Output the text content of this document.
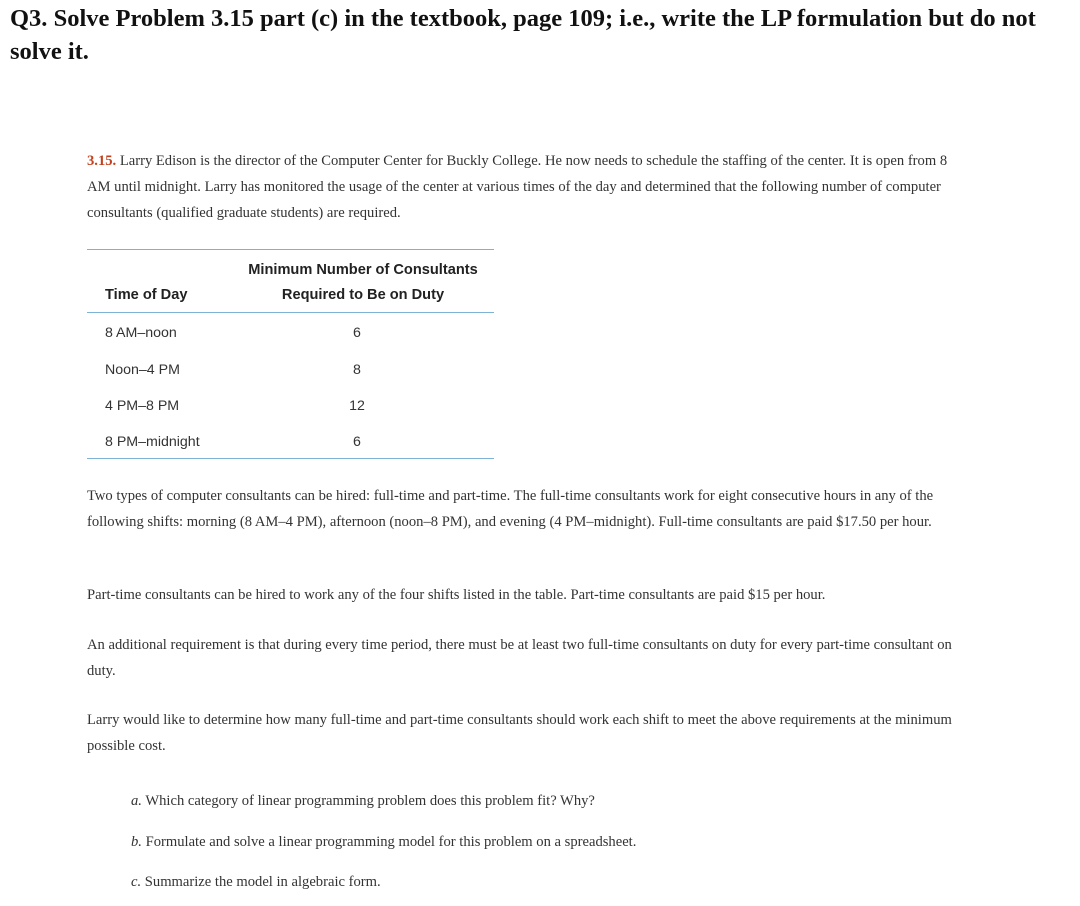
Q3. Solve Problem 3.15 part (c) in the textbook, page 109; i.e., write the LP formulation but do not solve it.
3.15. Larry Edison is the director of the Computer Center for Buckly College. He now needs to schedule the staffing of the center. It is open from 8 AM until midnight. Larry has monitored the usage of the center at various times of the day and determined that the following number of computer consultants (qualified graduate students) are required.
Time of Day
Minimum Number of Consultants
Required to Be on Duty
8 AM–noon	6
Noon–4 PM	8
4 PM–8 PM	12
8 PM–midnight	6
Two types of computer consultants can be hired: full-time and part-time. The full-time consultants work for eight consecutive hours in any of the following shifts: morning (8 AM–4 PM), afternoon (noon–8 PM), and evening (4 PM–midnight). Full-time consultants are paid $17.50 per hour.
Part-time consultants can be hired to work any of the four shifts listed in the table. Part-time consultants are paid $15 per hour.
An additional requirement is that during every time period, there must be at least two full-time consultants on duty for every part-time consultant on duty.
Larry would like to determine how many full-time and part-time consultants should work each shift to meet the above requirements at the minimum possible cost.
a. Which category of linear programming problem does this problem fit? Why?
b. Formulate and solve a linear programming model for this problem on a spreadsheet.
c. Summarize the model in algebraic form.
